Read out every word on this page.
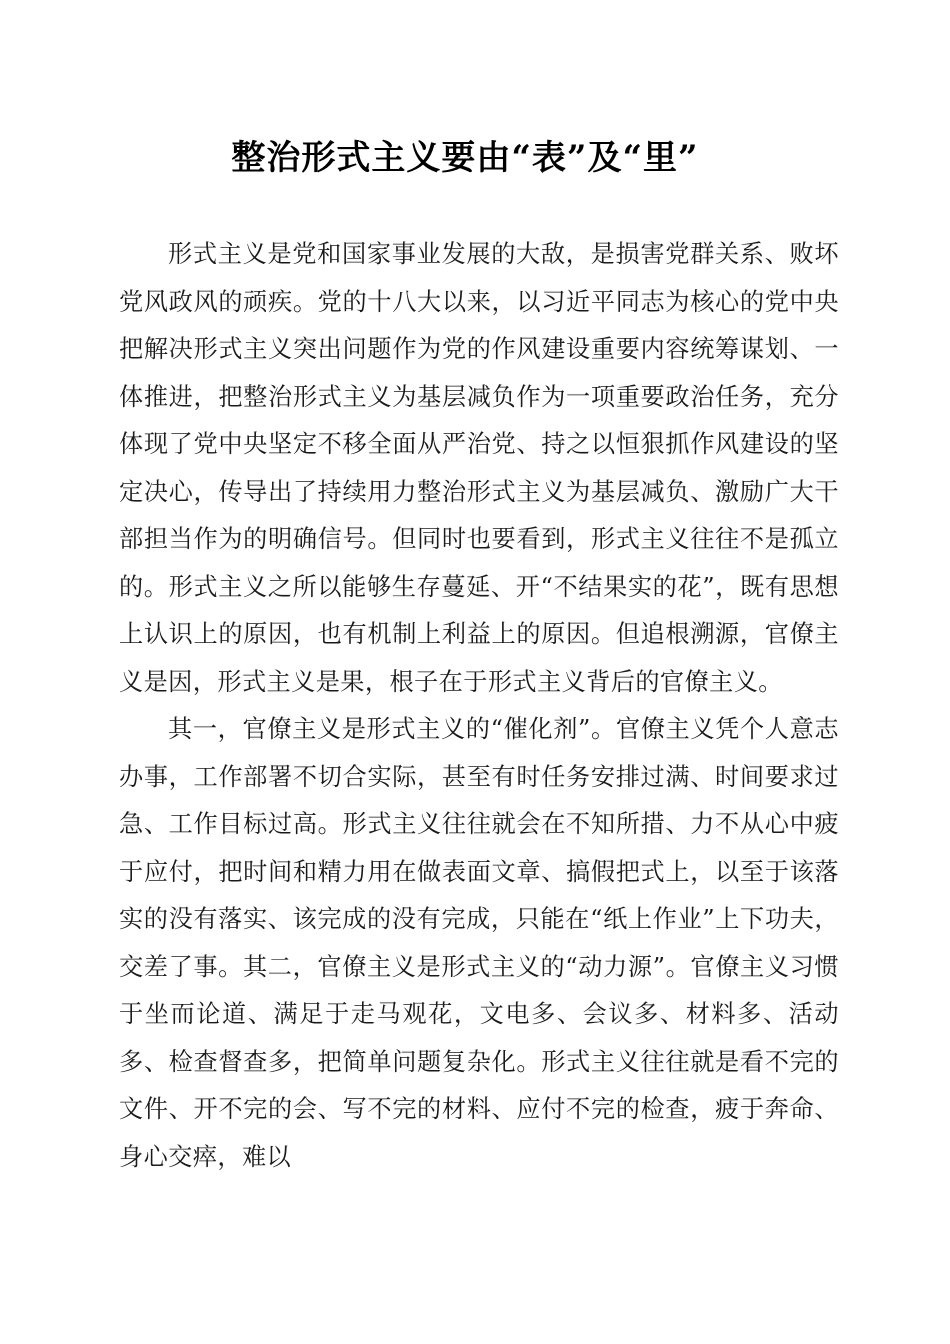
整治形式主义要由“表”及“里”

形式主义是党和国家事业发展的大敌，是损害党群关系、败坏党风政风的顽疾。党的十八大以来，以习近平同志为核心的党中央把解决形式主义突出问题作为党的作风建设重要内容统筹谋划、一体推进，把整治形式主义为基层减负作为一项重要政治任务，充分体现了党中央坚定不移全面从严治党、持之以恒狠抓作风建设的坚定决心，传导出了持续用力整治形式主义为基层减负、激励广大干部担当作为的明确信号。但同时也要看到，形式主义往往不是孤立的。形式主义之所以能够生存蔓延、开“不结果实的花”，既有思想上认识上的原因，也有机制上利益上的原因。但追根溯源，官僚主义是因，形式主义是果，根子在于形式主义背后的官僚主义。

其一，官僚主义是形式主义的“催化剂”。官僚主义凭个人意志办事，工作部署不切合实际，甚至有时任务安排过满、时间要求过急、工作目标过高。形式主义往往就会在不知所措、力不从心中疲于应付，把时间和精力用在做表面文章、搞假把式上，以至于该落实的没有落实、该完成的没有完成，只能在“纸上作业”上下功夫，交差了事。其二，官僚主义是形式主义的“动力源”。官僚主义习惯于坐而论道、满足于走马观花，文电多、会议多、材料多、活动多、检查督查多，把简单问题复杂化。形式主义往往就是看不完的文件、开不完的会、写不完的材料、应付不完的检查，疲于奔命、身心交瘁，难以
